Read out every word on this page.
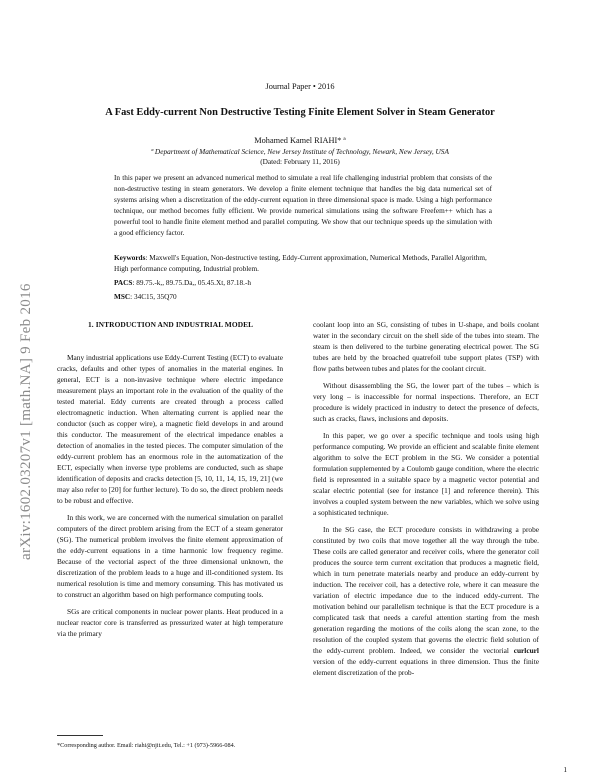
arXiv:1602.03207v1 [math.NA] 9 Feb 2016
Journal Paper • 2016
A Fast Eddy-current Non Destructive Testing Finite Element Solver in Steam Generator
Mohamed Kamel RIAHI* ª
ª Department of Mathematical Science, New Jersey Institute of Technology, Newark, New Jersey, USA
(Dated: February 11, 2016)
In this paper we present an advanced numerical method to simulate a real life challenging industrial problem that consists of the non-destructive testing in steam generators. We develop a finite element technique that handles the big data numerical set of systems arising when a discretization of the eddy-current equation in three dimensional space is made. Using a high performance technique, our method becomes fully efficient. We provide numerical simulations using the software Freefem++ which has a powerful tool to handle finite element method and parallel computing. We show that our technique speeds up the simulation with a good efficiency factor.
Keywords: Maxwell's Equation, Non-destructive testing, Eddy-Current approximation, Numerical Methods, Parallel Algorithm, High performance computing, Industrial problem.
PACS: 89.75.-k,, 89.75.Da,, 05.45.Xt, 87.18.-h
MSC: 34C15, 35Q70
1. INTRODUCTION AND INDUSTRIAL MODEL

Many industrial applications use Eddy-Current Testing (ECT) to evaluate cracks, defaults and other types of anomalies in the material engines. In general, ECT is a non-invasive technique where electric impedance measurement plays an important role in the evaluation of the quality of the tested material. Eddy currents are created through a process called electromagnetic induction. When alternating current is applied near the conductor (such as copper wire), a magnetic field develops in and around this conductor. The measurement of the electrical impedance enables a detection of anomalies in the tested pieces. The computer simulation of the eddy-current problem has an enormous role in the automatization of the ECT, especially when inverse type problems are conducted, such as shape identification of deposits and cracks detection [5, 10, 11, 14, 15, 19, 21] (we may also refer to [20] for further lecture). To do so, the direct problem needs to be robust and effective.

In this work, we are concerned with the numerical simulation on parallel computers of the direct problem arising from the ECT of a steam generator (SG). The numerical problem involves the finite element approximation of the eddy-current equations in a time harmonic low frequency regime. Because of the vectorial aspect of the three dimensional unknown, the discretization of the problem leads to a huge and ill-conditioned system. Its numerical resolution is time and memory consuming. This has motivated us to construct an algorithm based on high performance computing tools.

SGs are critical components in nuclear power plants. Heat produced in a nuclear reactor core is transferred as pressurized water at high temperature via the primary

coolant loop into an SG, consisting of tubes in U-shape, and boils coolant water in the secondary circuit on the shell side of the tubes into steam. The steam is then delivered to the turbine generating electrical power. The SG tubes are held by the broached quatrefoil tube support plates (TSP) with flow paths between tubes and plates for the coolant circuit.

Without disassembling the SG, the lower part of the tubes – which is very long – is inaccessible for normal inspections. Therefore, an ECT procedure is widely practiced in industry to detect the presence of defects, such as cracks, flaws, inclusions and deposits.

In this paper, we go over a specific technique and tools using high performance computing. We provide an efficient and scalable finite element algorithm to solve the ECT problem in the SG. We consider a potential formulation supplemented by a Coulomb gauge condition, where the electric field is represented in a suitable space by a magnetic vector potential and scalar electric potential (see for instance [1] and reference therein). This involves a coupled system between the new variables, which we solve using a sophisticated technique.

In the SG case, the ECT procedure consists in withdrawing a probe constituted by two coils that move together all the way through the tube. These coils are called generator and receiver coils, where the generator coil produces the source term current excitation that produces a magnetic field, which in turn penetrate materials nearby and produce an eddy-current by induction. The receiver coil, has a detective role, where it can measure the variation of electric impedance due to the induced eddy-current. The motivation behind our parallelism technique is that the ECT procedure is a complicated task that needs a careful attention starting from the mesh generation regarding the motions of the coils along the scan zone, to the resolution of the coupled system that governs the electric field solution of the eddy-current problem. Indeed, we consider the vectorial curlcurl version of the eddy-current equations in three dimension. Thus the finite element discretization of the prob-

*Corresponding author. Email: riahi@njit.edu, Tel.: +1 (973)-5966-084.
1
